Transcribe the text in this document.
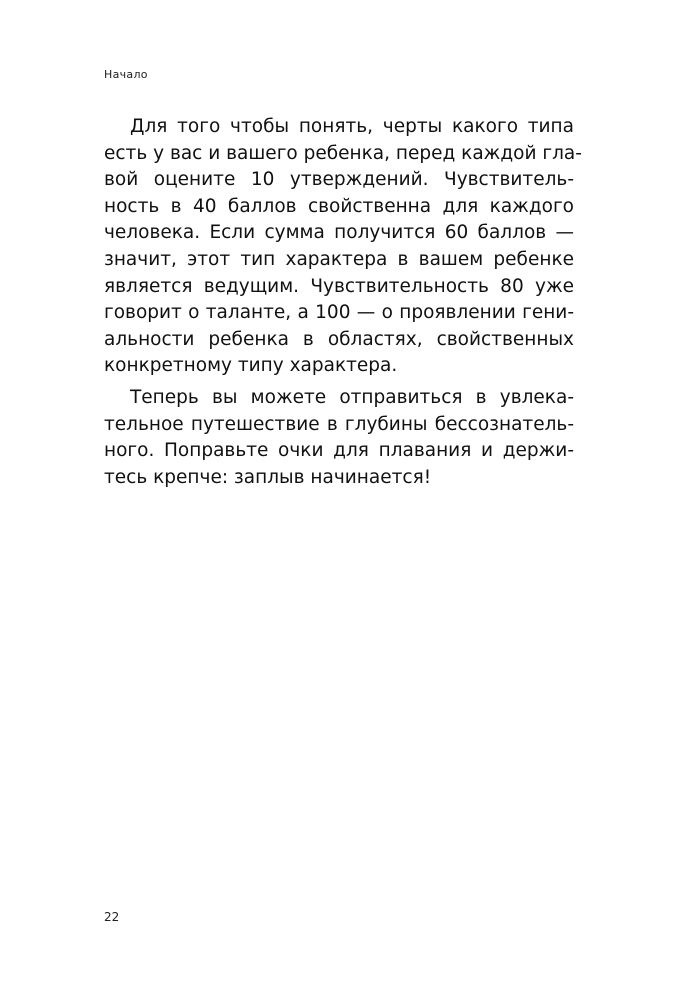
Начало
Для того чтобы понять, черты какого типа
есть у вас и вашего ребенка, перед каждой гла-
вой оцените 10 утверждений. Чувствитель-
ность в 40 баллов свойственна для каждого
человека. Если сумма получится 60 баллов —
значит, этот тип характера в вашем ребенке
является ведущим. Чувствительность 80 уже
говорит о таланте, а 100 — о проявлении гени-
альности ребенка в областях, свойственных
конкретному типу характера.
Теперь вы можете отправиться в увлека-
тельное путешествие в глубины бессознатель-
ного. Поправьте очки для плавания и держи-
тесь крепче: заплыв начинается!
22
